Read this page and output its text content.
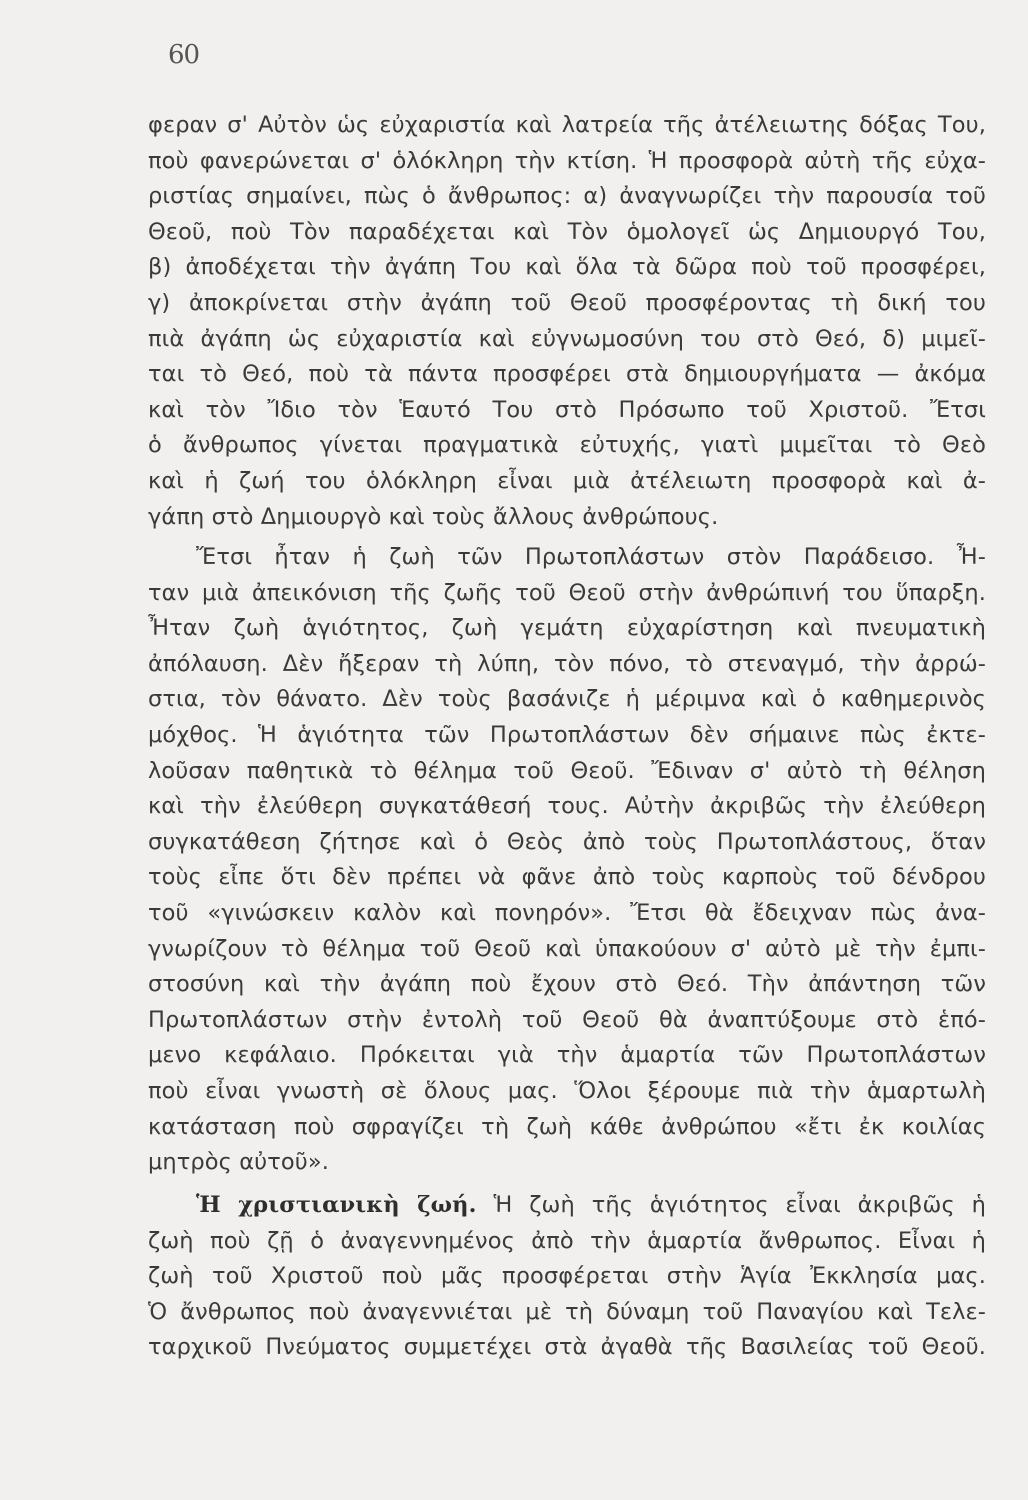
60
φεραν σ' Αὐτὸν ὡς εὐχαριστία καὶ λατρεία τῆς ἀτέλειωτης δόξας Του,
ποὺ φανερώνεται σ' ὁλόκληρη τὴν κτίση. Ἡ προσφορὰ αὐτὴ τῆς εὐχα-
ριστίας σημαίνει, πὼς ὁ ἄνθρωπος: α) ἀναγνωρίζει τὴν παρουσία τοῦ
Θεοῦ, ποὺ Τὸν παραδέχεται καὶ Τὸν ὁμολογεῖ ὡς Δημιουργό Του,
β) ἀποδέχεται τὴν ἀγάπη Του καὶ ὅλα τὰ δῶρα ποὺ τοῦ προσφέρει,
γ) ἀποκρίνεται στὴν ἀγάπη τοῦ Θεοῦ προσφέροντας τὴ δική του
πιὰ ἀγάπη ὡς εὐχαριστία καὶ εὐγνωμοσύνη του στὸ Θεό, δ) μιμεῖ-
ται τὸ Θεό, ποὺ τὰ πάντα προσφέρει στὰ δημιουργήματα — ἀκόμα
καὶ τὸν Ἴδιο τὸν Ἑαυτό Του στὸ Πρόσωπο τοῦ Χριστοῦ. Ἔτσι
ὁ ἄνθρωπος γίνεται πραγματικὰ εὐτυχής, γιατὶ μιμεῖται τὸ Θεὸ
καὶ ἡ ζωή του ὁλόκληρη εἶναι μιὰ ἀτέλειωτη προσφορὰ καὶ ἀ-
γάπη στὸ Δημιουργὸ καὶ τοὺς ἄλλους ἀνθρώπους.
Ἔτσι ἦταν ἡ ζωὴ τῶν Πρωτοπλάστων στὸν Παράδεισο. Ἦ-
ταν μιὰ ἀπεικόνιση τῆς ζωῆς τοῦ Θεοῦ στὴν ἀνθρώπινή του ὕπαρξη.
Ἦταν ζωὴ ἁγιότητος, ζωὴ γεμάτη εὐχαρίστηση καὶ πνευματικὴ
ἀπόλαυση. Δὲν ἤξεραν τὴ λύπη, τὸν πόνο, τὸ στεναγμό, τὴν ἀρρώ-
στια, τὸν θάνατο. Δὲν τοὺς βασάνιζε ἡ μέριμνα καὶ ὁ καθημερινὸς
μόχθος. Ἡ ἁγιότητα τῶν Πρωτοπλάστων δὲν σήμαινε πὼς ἐκτε-
λοῦσαν παθητικὰ τὸ θέλημα τοῦ Θεοῦ. Ἔδιναν σ' αὐτὸ τὴ θέληση
καὶ τὴν ἐλεύθερη συγκατάθεσή τους. Αὐτὴν ἀκριβῶς τὴν ἐλεύθερη
συγκατάθεση ζήτησε καὶ ὁ Θεὸς ἀπὸ τοὺς Πρωτοπλάστους, ὅταν
τοὺς εἶπε ὅτι δὲν πρέπει νὰ φᾶνε ἀπὸ τοὺς καρποὺς τοῦ δένδρου
τοῦ «γινώσκειν καλὸν καὶ πονηρόν». Ἔτσι θὰ ἔδειχναν πὼς ἀνα-
γνωρίζουν τὸ θέλημα τοῦ Θεοῦ καὶ ὑπακούουν σ' αὐτὸ μὲ τὴν ἐμπι-
στοσύνη καὶ τὴν ἀγάπη ποὺ ἔχουν στὸ Θεό. Τὴν ἀπάντηση τῶν
Πρωτοπλάστων στὴν ἐντολὴ τοῦ Θεοῦ θὰ ἀναπτύξουμε στὸ ἑπό-
μενο κεφάλαιο. Πρόκειται γιὰ τὴν ἁμαρτία τῶν Πρωτοπλάστων
ποὺ εἶναι γνωστὴ σὲ ὅλους μας. Ὅλοι ξέρουμε πιὰ τὴν ἁμαρτωλὴ
κατάσταση ποὺ σφραγίζει τὴ ζωὴ κάθε ἀνθρώπου «ἔτι ἐκ κοιλίας
μητρὸς αὐτοῦ».
Ἡ χριστιανικὴ ζωή. Ἡ ζωὴ τῆς ἁγιότητος εἶναι ἀκριβῶς ἡ
ζωὴ ποὺ ζῇ ὁ ἀναγεννημένος ἀπὸ τὴν ἁμαρτία ἄνθρωπος. Εἶναι ἡ
ζωὴ τοῦ Χριστοῦ ποὺ μᾶς προσφέρεται στὴν Ἁγία Ἐκκλησία μας.
Ὁ ἄνθρωπος ποὺ ἀναγεννιέται μὲ τὴ δύναμη τοῦ Παναγίου καὶ Τελε-
ταρχικοῦ Πνεύματος συμμετέχει στὰ ἀγαθὰ τῆς Βασιλείας τοῦ Θεοῦ.
